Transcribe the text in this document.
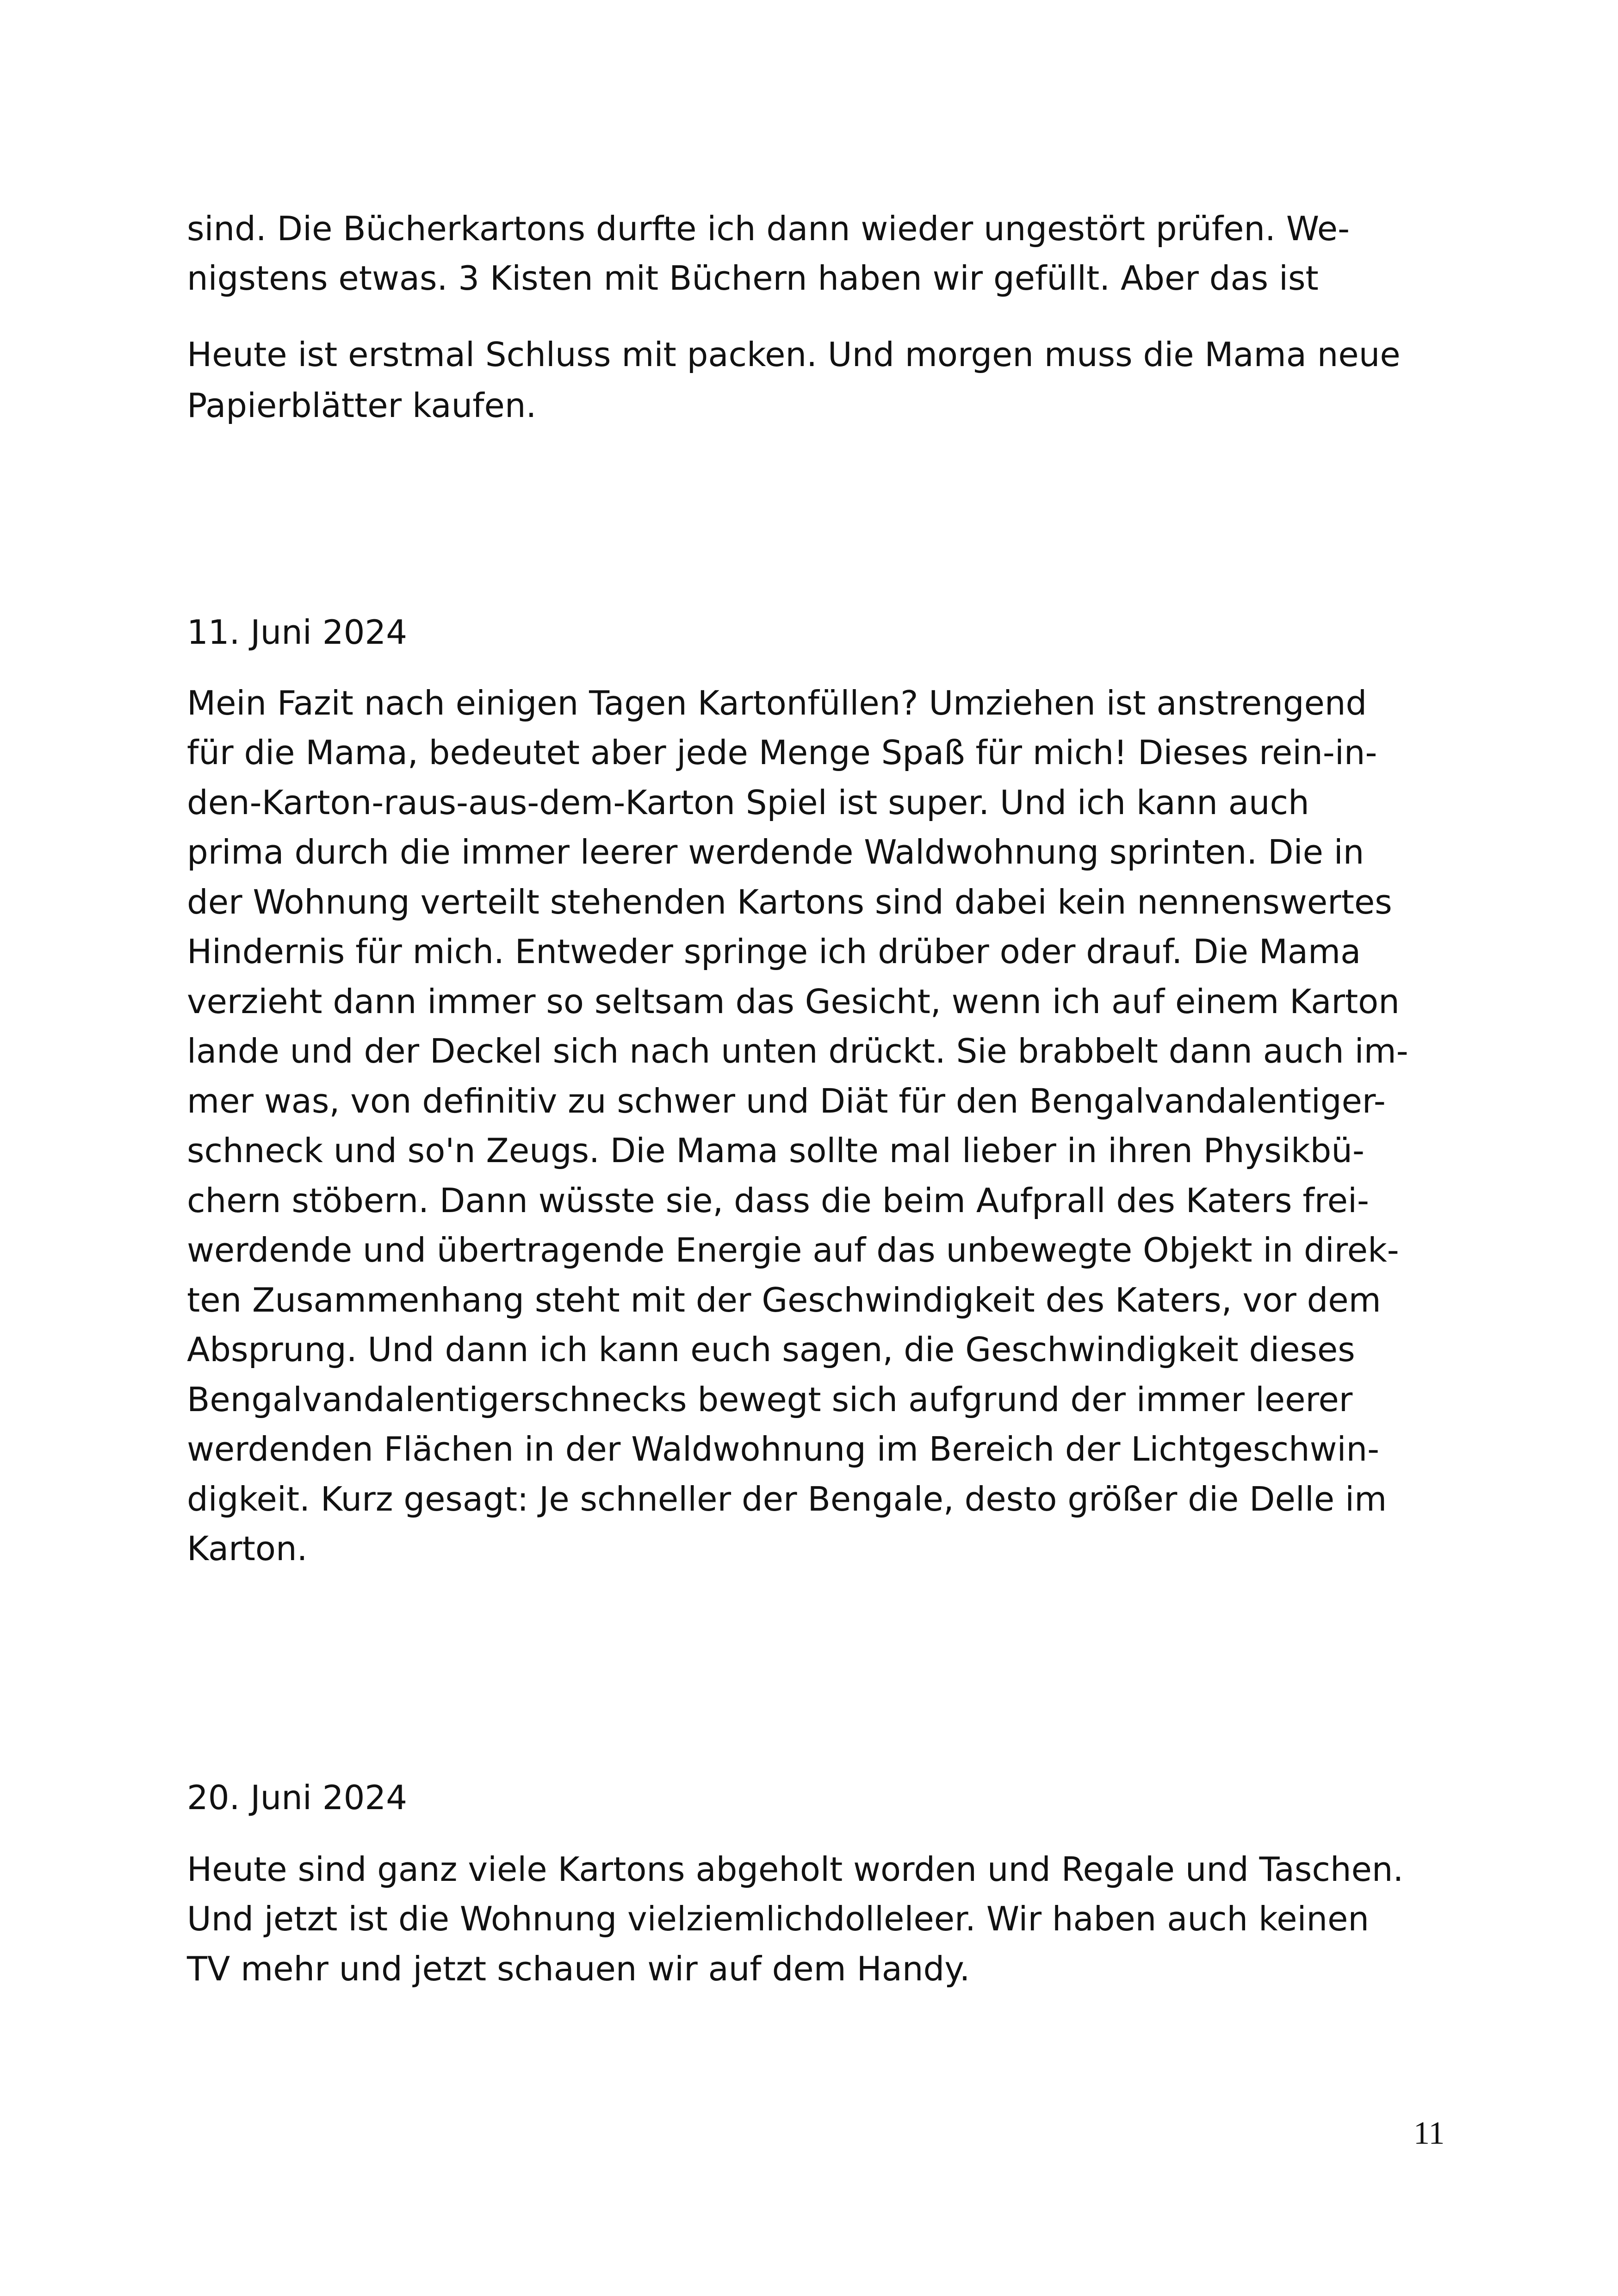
sind. Die Bücherkartons durfte ich dann wieder ungestört prüfen. We-

nigstens etwas. 3 Kisten mit Büchern haben wir gefüllt. Aber das ist

Heute ist erstmal Schluss mit packen. Und morgen muss die Mama neue

Papierblätter kaufen.

11. Juni 2024

Mein Fazit nach einigen Tagen Kartonfüllen? Umziehen ist anstrengend

für die Mama, bedeutet aber jede Menge Spaß für mich! Dieses rein-in-

den-Karton-raus-aus-dem-Karton Spiel ist super. Und ich kann auch

prima durch die immer leerer werdende Waldwohnung sprinten. Die in

der Wohnung verteilt stehenden Kartons sind dabei kein nennenswertes

Hindernis für mich. Entweder springe ich drüber oder drauf. Die Mama

verzieht dann immer so seltsam das Gesicht, wenn ich auf einem Karton

lande und der Deckel sich nach unten drückt. Sie brabbelt dann auch im-

mer was, von definitiv zu schwer und Diät für den Bengalvandalentiger-

schneck und so'n Zeugs. Die Mama sollte mal lieber in ihren Physikbü-

chern stöbern. Dann wüsste sie, dass die beim Aufprall des Katers frei-

werdende und übertragende Energie auf das unbewegte Objekt in direk-

ten Zusammenhang steht mit der Geschwindigkeit des Katers, vor dem

Absprung. Und dann ich kann euch sagen, die Geschwindigkeit dieses

Bengalvandalentigerschnecks bewegt sich aufgrund der immer leerer

werdenden Flächen in der Waldwohnung im Bereich der Lichtgeschwin-

digkeit. Kurz gesagt: Je schneller der Bengale, desto größer die Delle im

Karton.

20. Juni 2024

Heute sind ganz viele Kartons abgeholt worden und Regale und Taschen.

Und jetzt ist die Wohnung vielziemlichdolleleer. Wir haben auch keinen

TV mehr und jetzt schauen wir auf dem Handy.

11
